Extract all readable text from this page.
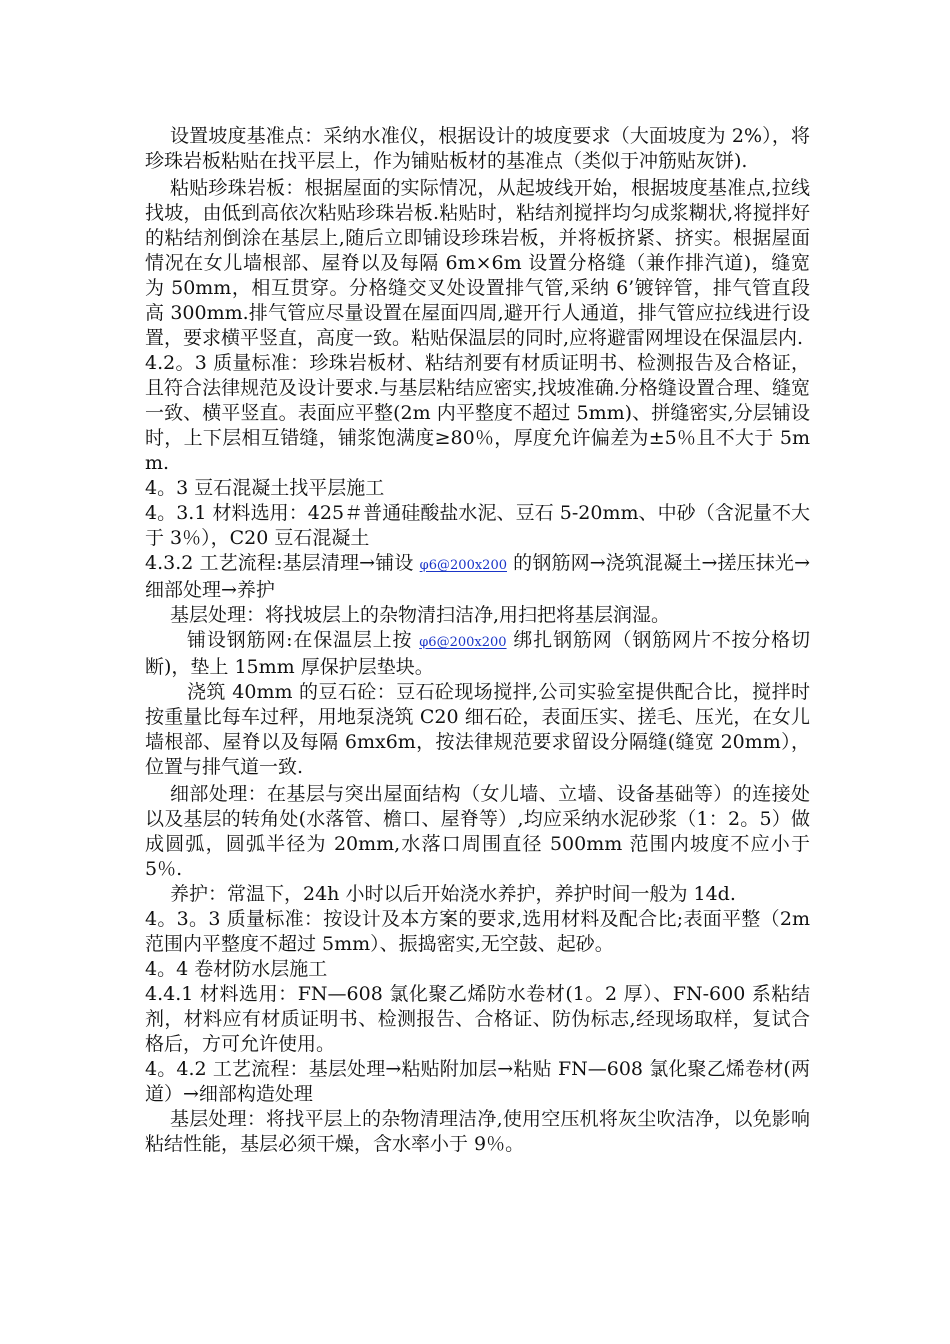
设置坡度基准点：采纳水准仪，根据设计的坡度要求（大面坡度为 2%），将珍珠岩板粘贴在找平层上，作为铺贴板材的基准点（类似于冲筋贴灰饼).

粘贴珍珠岩板：根据屋面的实际情况，从起坡线开始，根据坡度基准点,拉线找坡，由低到高依次粘贴珍珠岩板.粘贴时，粘结剂搅拌均匀成浆糊状,将搅拌好的粘结剂倒涂在基层上,随后立即铺设珍珠岩板，并将板挤紧、挤实。根据屋面情况在女儿墙根部、屋脊以及每隔 6m×6m 设置分格缝（兼作排汽道)，缝宽为 50mm，相互贯穿。分格缝交叉处设置排气管,采纳 6’镀锌管，排气管直段高 300mm.排气管应尽量设置在屋面四周,避开行人通道，排气管应拉线进行设置，要求横平竖直，高度一致。粘贴保温层的同时,应将避雷网埋设在保温层内.

4.2。3 质量标准：珍珠岩板材、粘结剂要有材质证明书、检测报告及合格证，且符合法律规范及设计要求.与基层粘结应密实,找坡准确.分格缝设置合理、缝宽一致、横平竖直。表面应平整(2m 内平整度不超过 5mm)、拼缝密实,分层铺设时，上下层相互错缝，铺浆饱满度≥80％，厚度允许偏差为±5％且不大于 5mm.

4。3 豆石混凝土找平层施工

4。3.1 材料选用：425＃普通硅酸盐水泥、豆石 5-20mm、中砂（含泥量不大于 3％），C20 豆石混凝土

4.3.2 工艺流程:基层清理→铺设 φ6@200x200 的钢筋网→浇筑混凝土→搓压抹光→细部处理→养护

基层处理：将找坡层上的杂物清扫洁净,用扫把将基层润湿。

铺设钢筋网:在保温层上按 φ6@200x200 绑扎钢筋网（钢筋网片不按分格切断)，垫上 15mm 厚保护层垫块。

浇筑 40mm 的豆石砼：豆石砼现场搅拌,公司实验室提供配合比，搅拌时按重量比每车过秤，用地泵浇筑 C20 细石砼，表面压实、搓毛、压光，在女儿墙根部、屋脊以及每隔 6mx6m，按法律规范要求留设分隔缝(缝宽 20mm），位置与排气道一致.

细部处理：在基层与突出屋面结构（女儿墙、立墙、设备基础等）的连接处以及基层的转角处(水落管、檐口、屋脊等）,均应采纳水泥砂浆（1：2。5）做成圆弧，圆弧半径为 20mm,水落口周围直径 500mm 范围内坡度不应小于 5％.

养护：常温下，24h 小时以后开始浇水养护，养护时间一般为 14d.

4。3。3 质量标准：按设计及本方案的要求,选用材料及配合比;表面平整（2m 范围内平整度不超过 5mm）、振捣密实,无空鼓、起砂。

4。4 卷材防水层施工

4.4.1 材料选用：FN—608 氯化聚乙烯防水卷材(1。2 厚）、FN-600 系粘结剂，材料应有材质证明书、检测报告、合格证、防伪标志,经现场取样，复试合格后，方可允许使用。

4。4.2 工艺流程：基层处理→粘贴附加层→粘贴 FN—608 氯化聚乙烯卷材(两道）→细部构造处理

基层处理：将找平层上的杂物清理洁净,使用空压机将灰尘吹洁净，以免影响粘结性能，基层必须干燥，含水率小于 9％。
